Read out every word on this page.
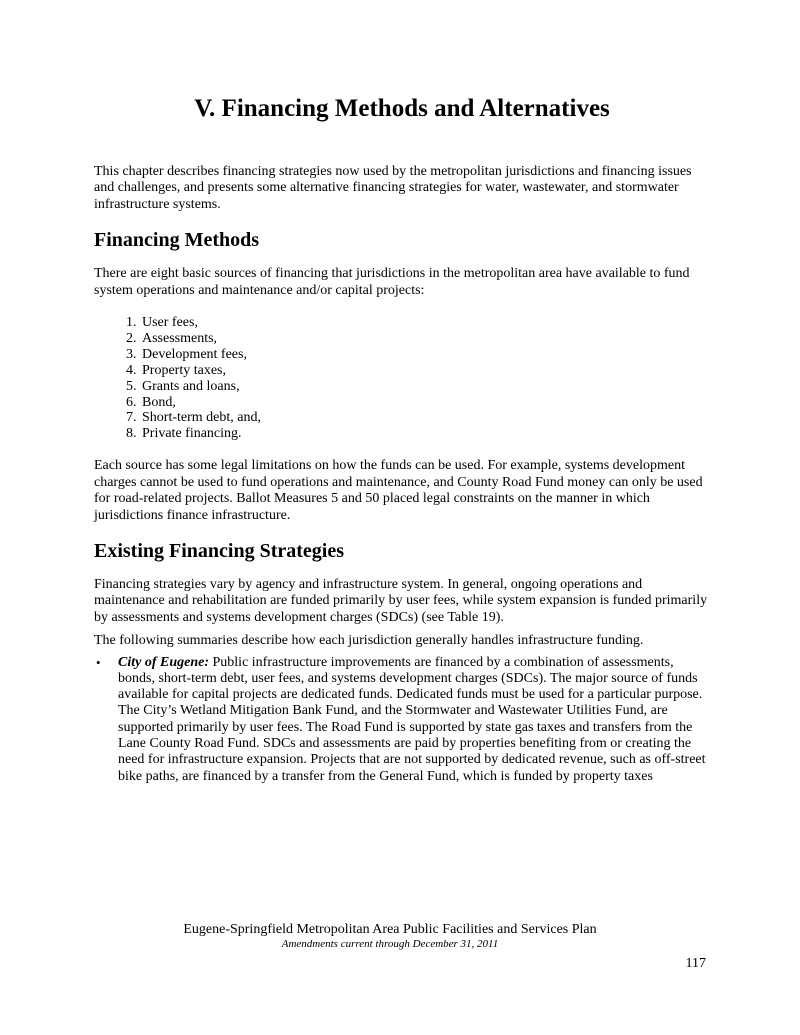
V. Financing Methods and Alternatives

This chapter describes financing strategies now used by the metropolitan jurisdictions and financing issues and challenges, and presents some alternative financing strategies for water, wastewater, and stormwater infrastructure systems.

Financing Methods

There are eight basic sources of financing that jurisdictions in the metropolitan area have available to fund system operations and maintenance and/or capital projects:

1. User fees,
2. Assessments,
3. Development fees,
4. Property taxes,
5. Grants and loans,
6. Bond,
7. Short-term debt, and,
8. Private financing.

Each source has some legal limitations on how the funds can be used. For example, systems development charges cannot be used to fund operations and maintenance, and County Road Fund money can only be used for road-related projects. Ballot Measures 5 and 50 placed legal constraints on the manner in which jurisdictions finance infrastructure.

Existing Financing Strategies

Financing strategies vary by agency and infrastructure system. In general, ongoing operations and maintenance and rehabilitation are funded primarily by user fees, while system expansion is funded primarily by assessments and systems development charges (SDCs) (see Table 19).

The following summaries describe how each jurisdiction generally handles infrastructure funding.

• City of Eugene: Public infrastructure improvements are financed by a combination of assessments, bonds, short-term debt, user fees, and systems development charges (SDCs). The major source of funds available for capital projects are dedicated funds. Dedicated funds must be used for a particular purpose. The City’s Wetland Mitigation Bank Fund, and the Stormwater and Wastewater Utilities Fund, are supported primarily by user fees. The Road Fund is supported by state gas taxes and transfers from the Lane County Road Fund. SDCs and assessments are paid by properties benefiting from or creating the need for infrastructure expansion. Projects that are not supported by dedicated revenue, such as off-street bike paths, are financed by a transfer from the General Fund, which is funded by property taxes
Eugene-Springfield Metropolitan Area Public Facilities and Services Plan
Amendments current through December 31, 2011
117
